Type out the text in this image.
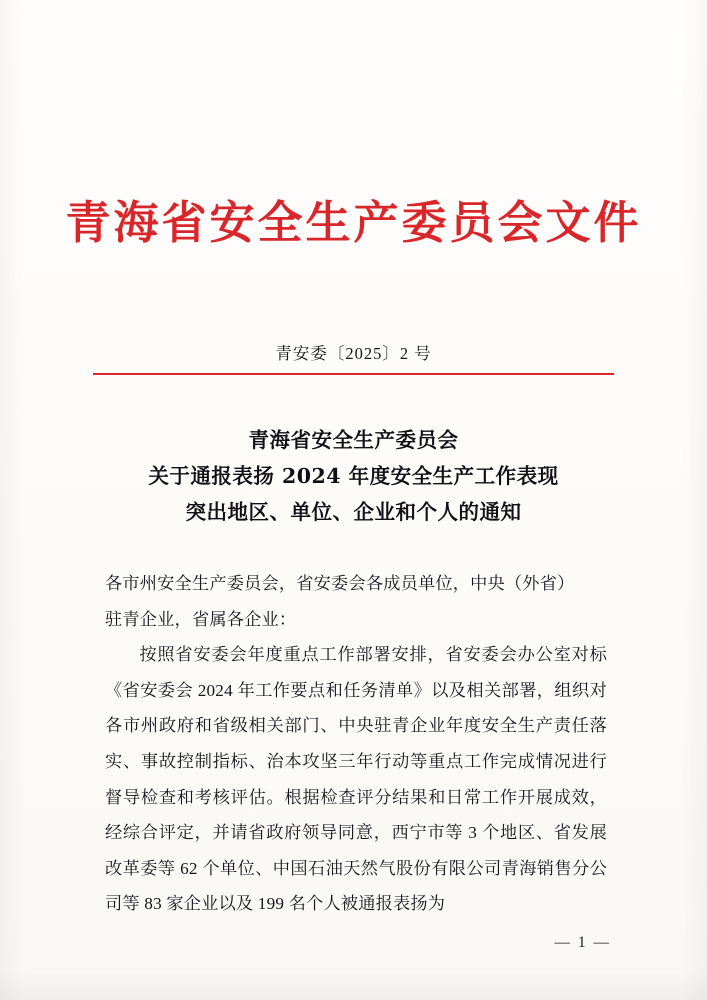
青海省安全生产委员会文件
青安委〔2025〕2 号
青海省安全生产委员会
关于通报表扬 2024 年度安全生产工作表现
突出地区、单位、企业和个人的通知

各市州安全生产委员会，省安委会各成员单位，中央（外省）

驻青企业，省属各企业：

按照省安委会年度重点工作部署安排，省安委会办公室对标《省安委会 2024 年工作要点和任务清单》以及相关部署，组织对各市州政府和省级相关部门、中央驻青企业年度安全生产责任落实、事故控制指标、治本攻坚三年行动等重点工作完成情况进行督导检查和考核评估。根据检查评分结果和日常工作开展成效，经综合评定，并请省政府领导同意，西宁市等 3 个地区、省发展改革委等 62 个单位、中国石油天然气股份有限公司青海销售分公司等 83 家企业以及 199 名个人被通报表扬为

— 1 —
